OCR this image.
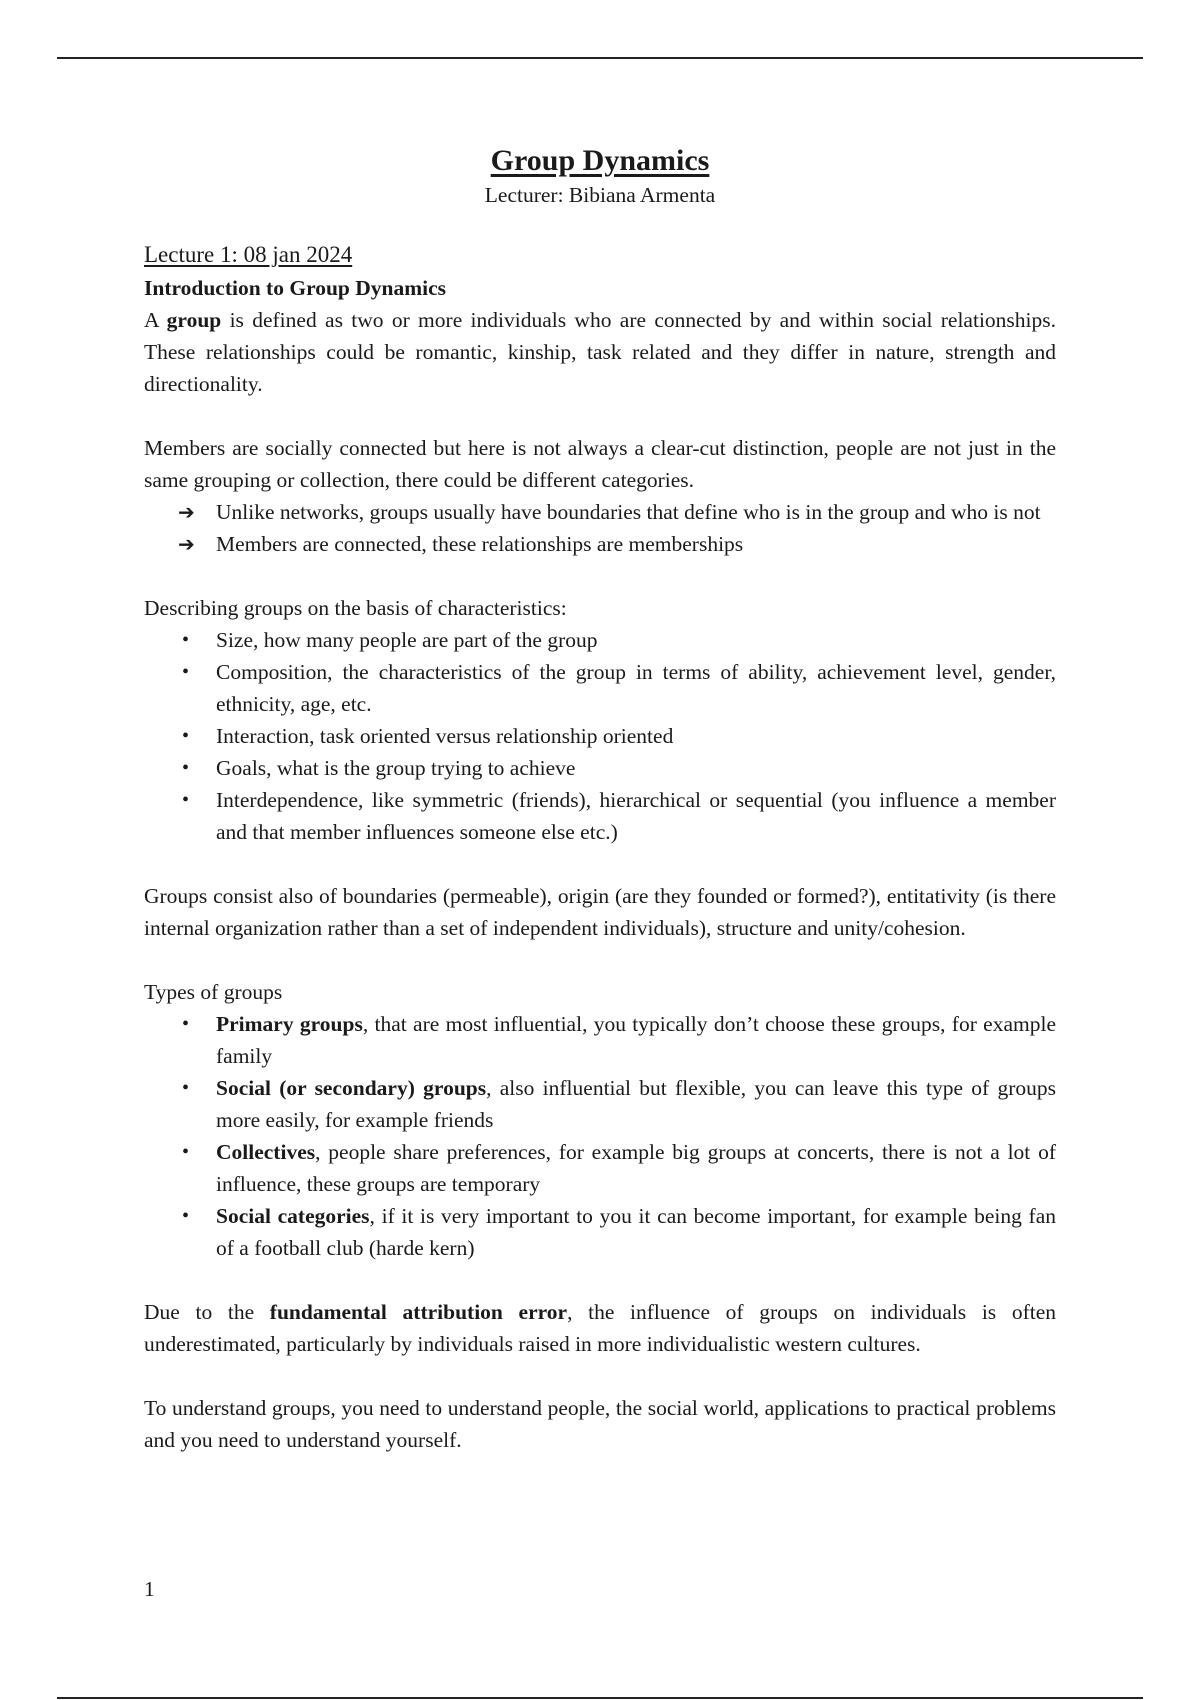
Group Dynamics
Lecturer: Bibiana Armenta
Lecture 1: 08 jan 2024
Introduction to Group Dynamics

A group is defined as two or more individuals who are connected by and within social relationships. These relationships could be romantic, kinship, task related and they differ in nature, strength and directionality.

Members are socially connected but here is not always a clear-cut distinction, people are not just in the same grouping or collection, there could be different categories.

➔ Unlike networks, groups usually have boundaries that define who is in the group and who is not
➔ Members are connected, these relationships are memberships

Describing groups on the basis of characteristics:

•	Size, how many people are part of the group
•	Composition, the characteristics of the group in terms of ability, achievement level, gender, ethnicity, age, etc.
•	Interaction, task oriented versus relationship oriented
•	Goals, what is the group trying to achieve
•	Interdependence, like symmetric (friends), hierarchical or sequential (you influence a member and that member influences someone else etc.)

Groups consist also of boundaries (permeable), origin (are they founded or formed?), entitativity (is there internal organization rather than a set of independent individuals), structure and unity/cohesion.

Types of groups

•	Primary groups, that are most influential, you typically don’t choose these groups, for example family
•	Social (or secondary) groups, also influential but flexible, you can leave this type of groups more easily, for example friends
•	Collectives, people share preferences, for example big groups at concerts, there is not a lot of influence, these groups are temporary
•	Social categories, if it is very important to you it can become important, for example being fan of a football club (harde kern)

Due to the fundamental attribution error, the influence of groups on individuals is often underestimated, particularly by individuals raised in more individualistic western cultures.

To understand groups, you need to understand people, the social world, applications to practical problems and you need to understand yourself.

1
